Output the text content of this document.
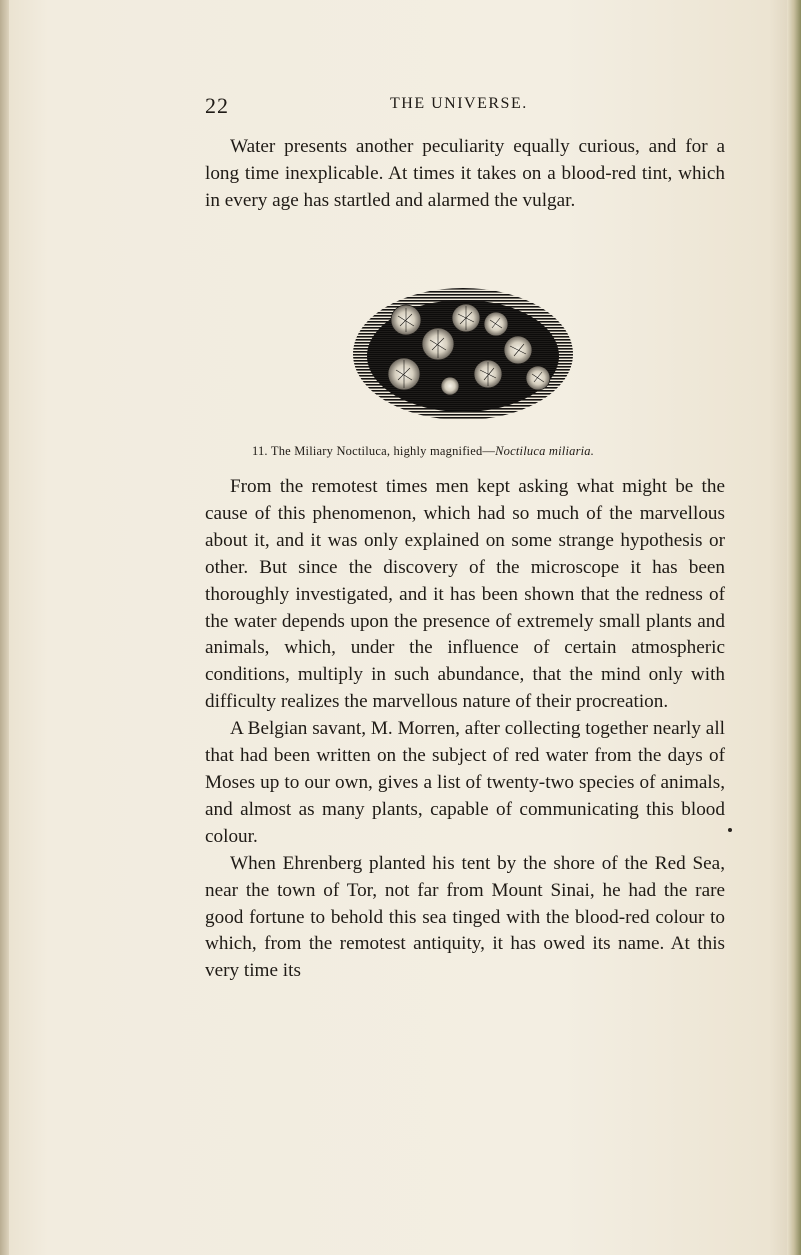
22	THE UNIVERSE.

Water presents another peculiarity equally curious, and for a long time inexplicable. At times it takes on a blood-red tint, which in every age has startled and alarmed the vulgar.

11. The Miliary Noctiluca, highly magnified—Noctiluca miliaria.

From the remotest times men kept asking what might be the cause of this phenomenon, which had so much of the marvellous about it, and it was only explained on some strange hypothesis or other. But since the discovery of the microscope it has been thoroughly investigated, and it has been shown that the redness of the water depends upon the presence of extremely small plants and animals, which, under the influence of certain atmospheric conditions, multiply in such abundance, that the mind only with difficulty realizes the marvellous nature of their procreation.

A Belgian savant, M. Morren, after collecting together nearly all that had been written on the subject of red water from the days of Moses up to our own, gives a list of twenty-two species of animals, and almost as many plants, capable of communicating this blood colour.

When Ehrenberg planted his tent by the shore of the Red Sea, near the town of Tor, not far from Mount Sinai, he had the rare good fortune to behold this sea tinged with the blood-red colour to which, from the remotest antiquity, it has owed its name. At this very time its
